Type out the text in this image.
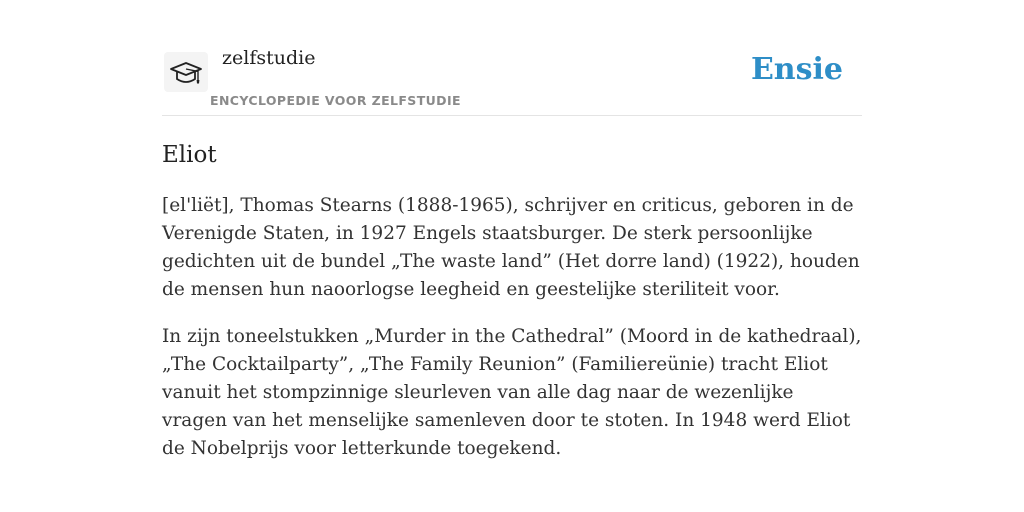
zelfstudie
ENCYCLOPEDIE VOOR ZELFSTUDIE
Ensie
Eliot

[el'liët], Thomas Stearns (1888-1965), schrijver en criticus, geboren in de Verenigde Staten, in 1927 Engels staatsburger. De sterk persoonlijke gedichten uit de bundel „The waste land” (Het dorre land) (1922), houden de mensen hun naoorlogse leegheid en geestelijke steriliteit voor.

In zijn toneelstukken „Murder in the Cathedral” (Moord in de kathedraal), „The Cocktailparty”, „The Family Reunion” (Familiereünie) tracht Eliot vanuit het stompzinnige sleurleven van alle dag naar de wezenlijke vragen van het menselijke samenleven door te stoten. In 1948 werd Eliot de Nobelprijs voor letterkunde toegekend.
